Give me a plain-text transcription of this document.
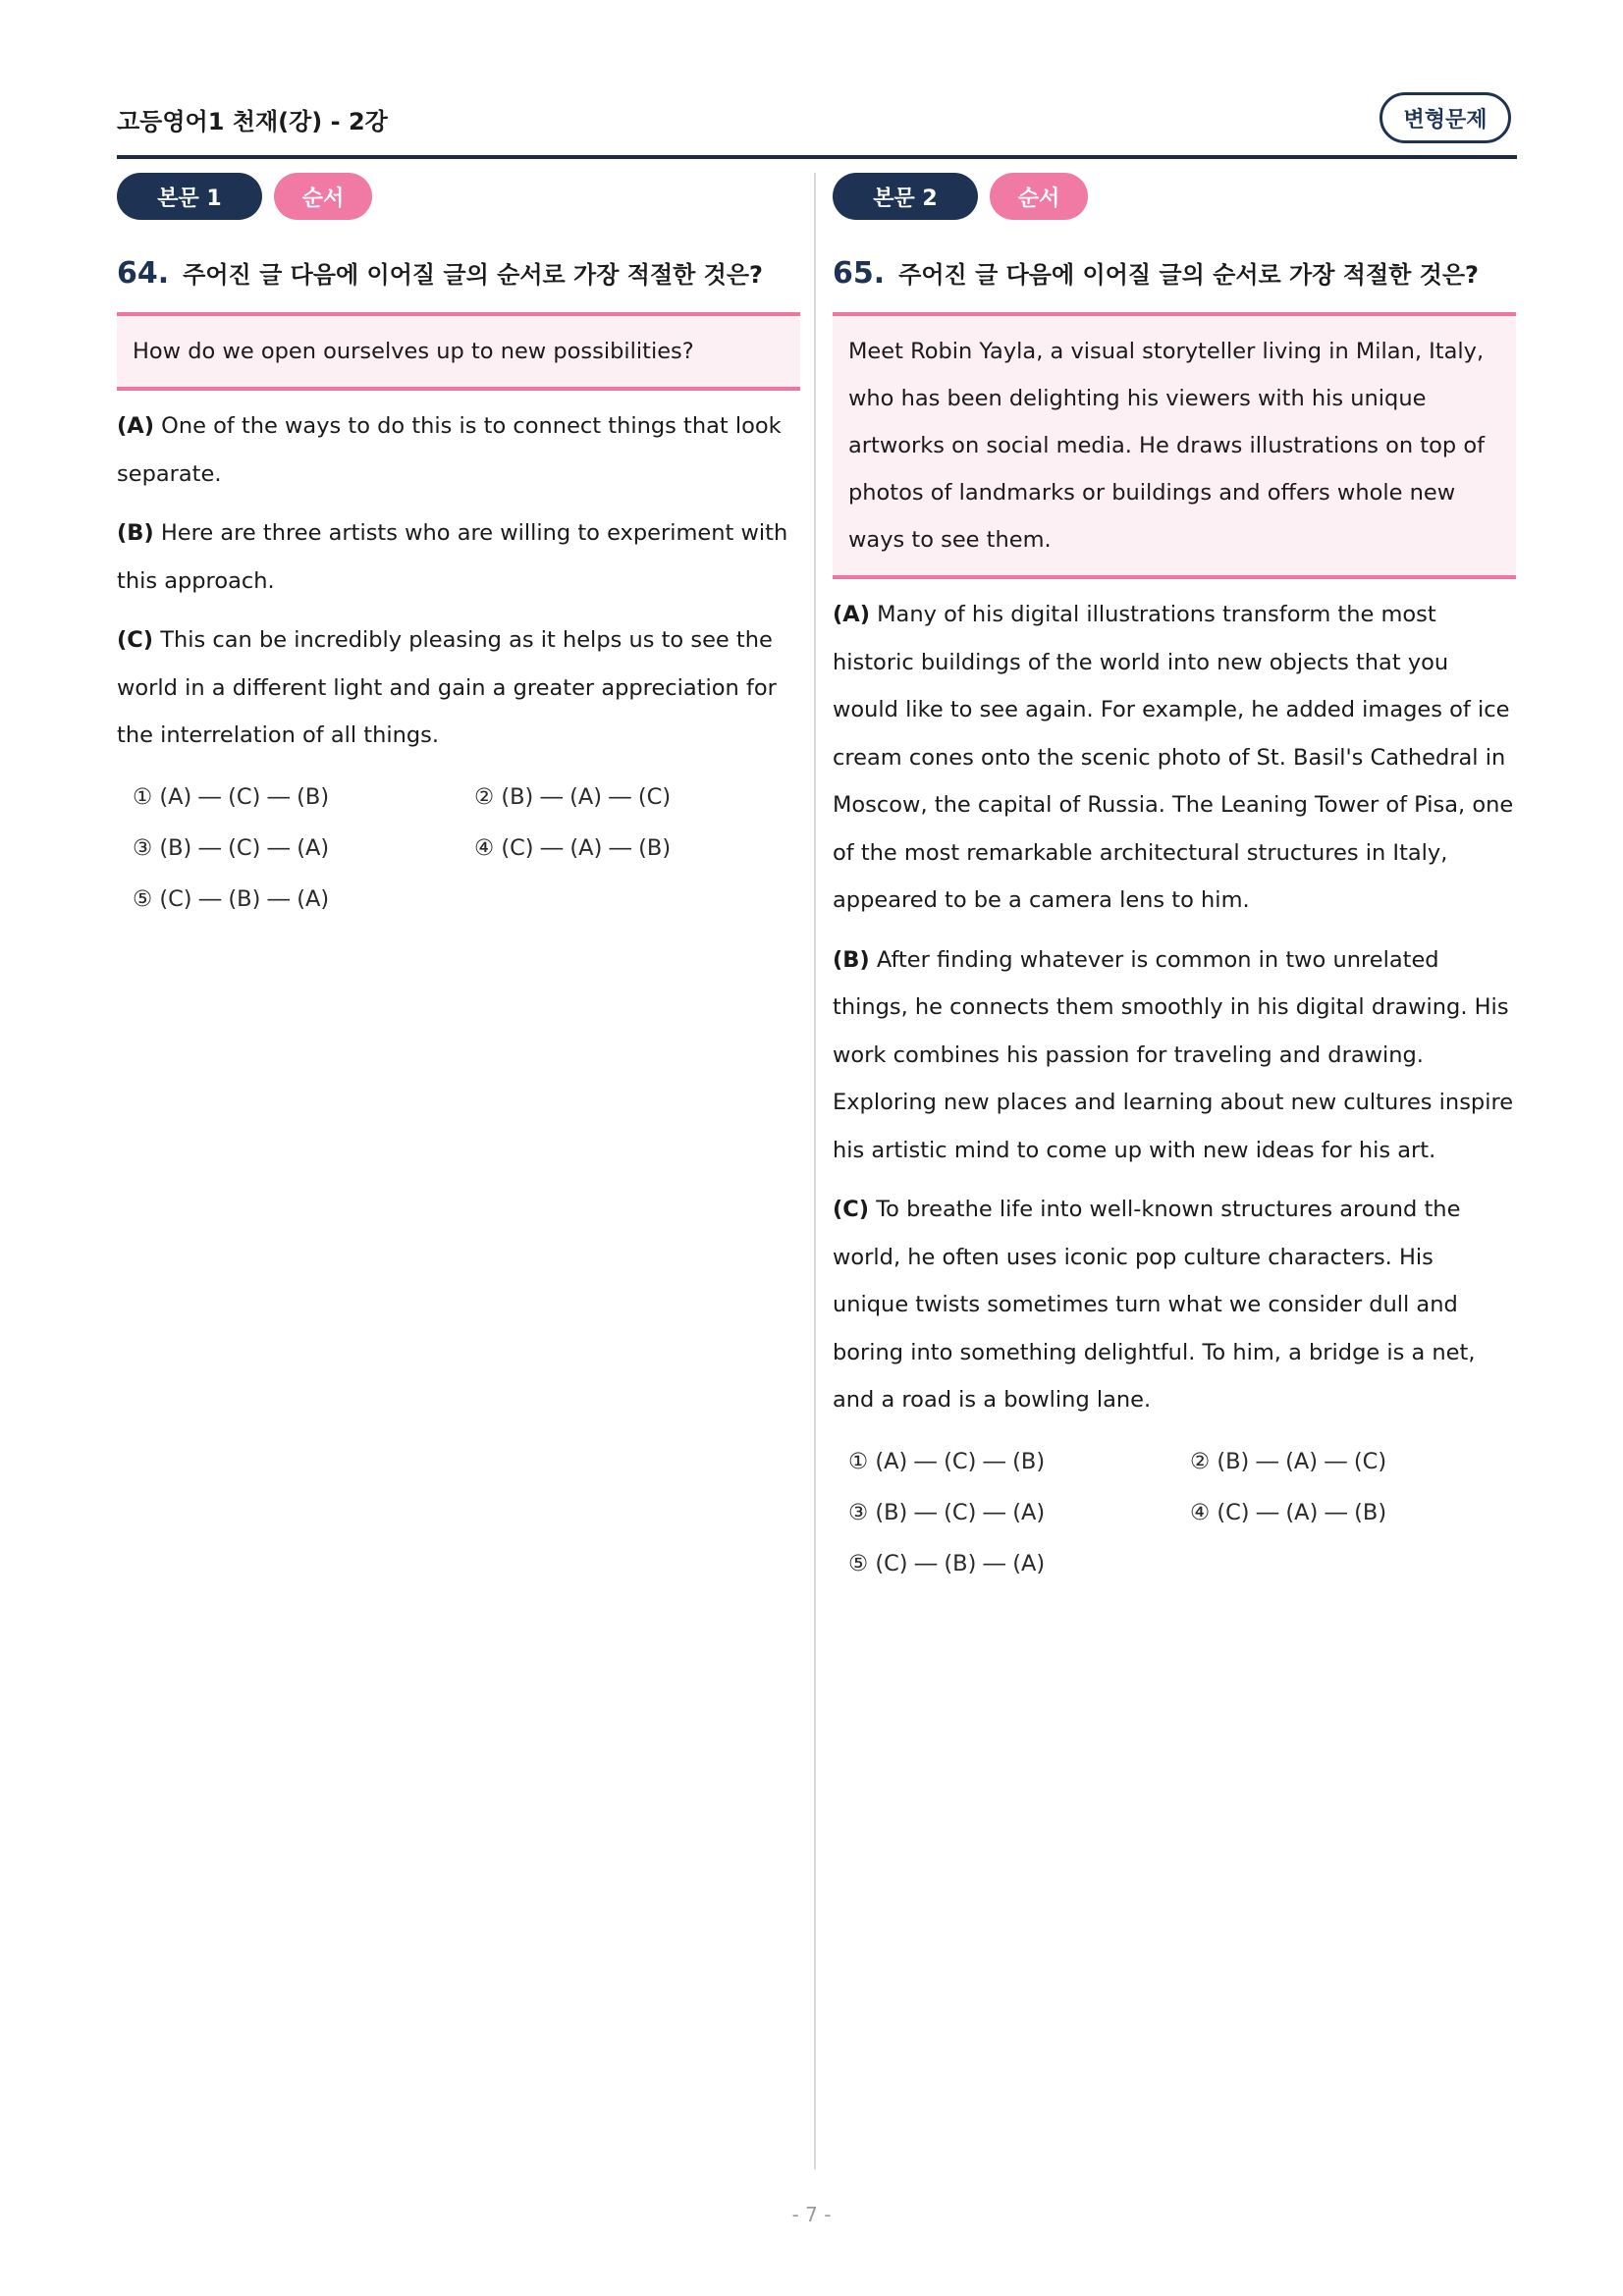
고등영어1 천재(강) - 2강	변형문제
본문 1	순서
64. 주어진 글 다음에 이어질 글의 순서로 가장 적절한 것은?
How do we open ourselves up to new possibilities?
(A) One of the ways to do this is to connect things that look separate.
(B) Here are three artists who are willing to experiment with this approach.
(C) This can be incredibly pleasing as it helps us to see the world in a different light and gain a greater appreciation for the interrelation of all things.
① (A) ― (C) ― (B)	② (B) ― (A) ― (C)
③ (B) ― (C) ― (A)	④ (C) ― (A) ― (B)
⑤ (C) ― (B) ― (A)
본문 2	순서
65. 주어진 글 다음에 이어질 글의 순서로 가장 적절한 것은?
Meet Robin Yayla, a visual storyteller living in Milan, Italy, who has been delighting his viewers with his unique artworks on social media. He draws illustrations on top of photos of landmarks or buildings and offers whole new ways to see them.
(A) Many of his digital illustrations transform the most historic buildings of the world into new objects that you would like to see again. For example, he added images of ice cream cones onto the scenic photo of St. Basil's Cathedral in Moscow, the capital of Russia. The Leaning Tower of Pisa, one of the most remarkable architectural structures in Italy, appeared to be a camera lens to him.
(B) After finding whatever is common in two unrelated things, he connects them smoothly in his digital drawing. His work combines his passion for traveling and drawing. Exploring new places and learning about new cultures inspire his artistic mind to come up with new ideas for his art.
(C) To breathe life into well-known structures around the world, he often uses iconic pop culture characters. His unique twists sometimes turn what we consider dull and boring into something delightful. To him, a bridge is a net, and a road is a bowling lane.
① (A) ― (C) ― (B)	② (B) ― (A) ― (C)
③ (B) ― (C) ― (A)	④ (C) ― (A) ― (B)
⑤ (C) ― (B) ― (A)
- 7 -
